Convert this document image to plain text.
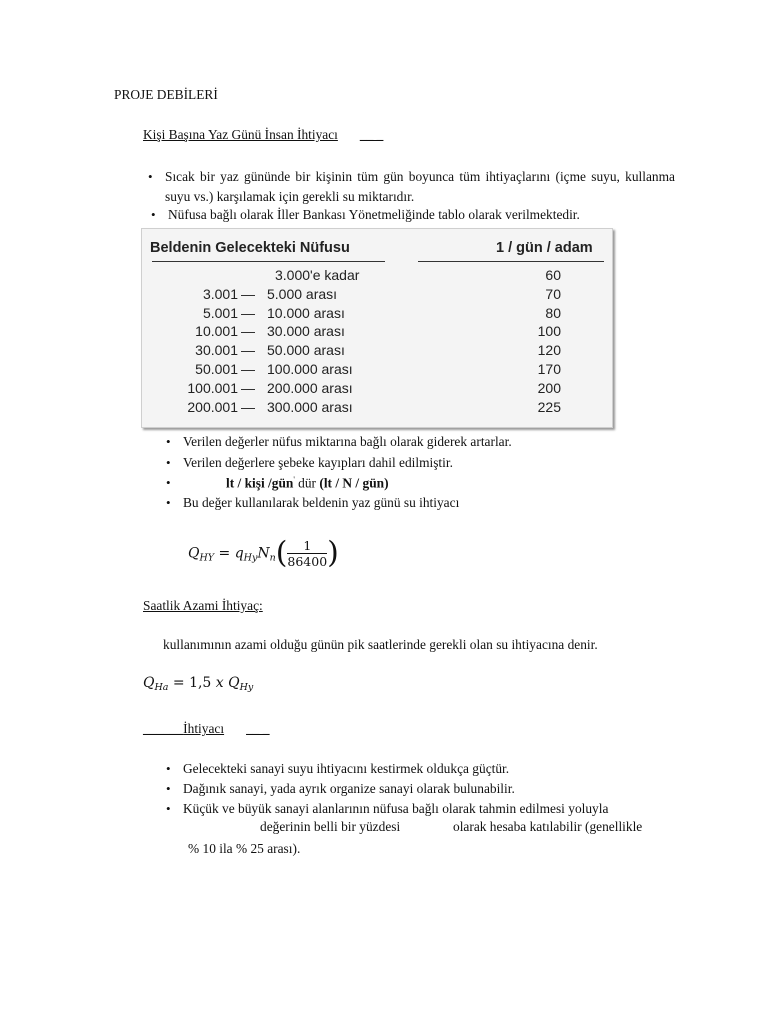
PROJE DEBİLERİ
Kişi Başına Yaz Günü İnsan İhtiyacı __ _
• Sıcak bir yaz gününde bir kişinin tüm gün boyunca tüm ihtiyaçlarını (içme suyu, kullanma suyu vs.) karşılamak için gerekli su miktarıdır.
• Nüfusa bağlı olarak İller Bankası Yönetmeliğinde tablo olarak verilmektedir.
Beldenin Gelecekteki Nüfusu	1 / gün / adam
3.000'e kadar	60
3.001 — 5.000 arası	70
5.001 — 10.000 arası	80
10.001 — 30.000 arası	100
30.001 — 50.000 arası	120
50.001 — 100.000 arası	170
100.001 — 200.000 arası	200
200.001 — 300.000 arası	225
• Verilen değerler nüfus miktarına bağlı olarak giderek artarlar.
• Verilen değerlere şebeke kayıpları dahil edilmiştir.
• lt / kişi /gün' dür (lt / N / gün)
• Bu değer kullanılarak beldenin yaz günü su ihtiyacı
$Q_{HY} = q_{Hy}N_n( \frac{1}{86400}$ )
Saatlik Azami İhtiyaç:
kullanımının azami olduğu günün pik saatlerinde gerekli olan su ihtiyacına denir.
$Q_{Ha} = 1,5$ x $Q_{Hy}$
______İhtiyacı __ _
• Gelecekteki sanayi suyu ihtiyacını kestirmek oldukça güçtür.
• Dağınık sanayi, yada ayrık organize sanayi olarak bulunabilir.
• Küçük ve büyük sanayi alanlarının nüfusa bağlı olarak tahmin edilmesi yoluyla
değerinin belli bir yüzdesi	olarak hesaba katılabilir (genellikle
% 10 ila % 25 arası).
